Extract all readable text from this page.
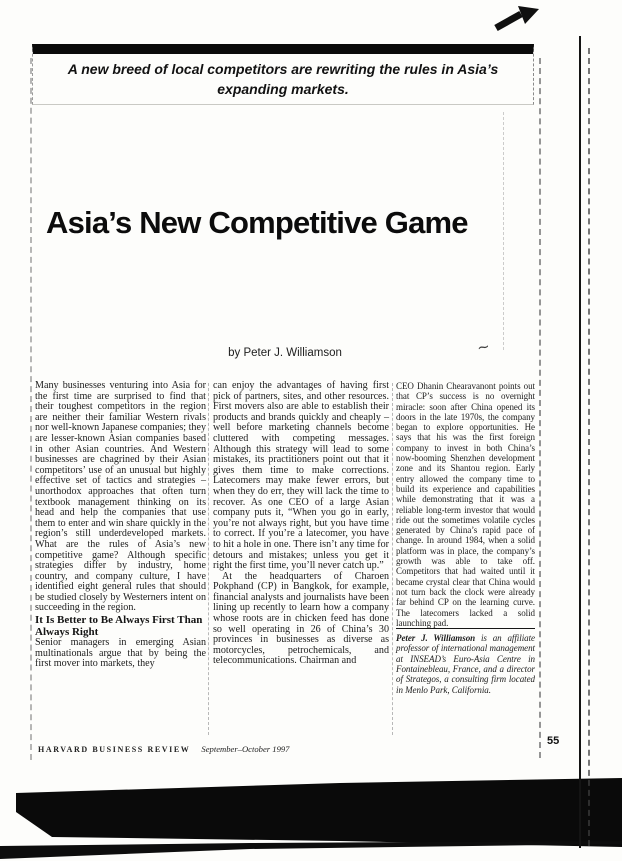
A new breed of local competitors are rewriting the rules in Asia’s expanding markets.
Asia’s New Competitive Game
~
by Peter J. Williamson

Many businesses venturing into Asia for the first time are surprised to find that their toughest competitors in the region are neither their familiar Western rivals nor well-known Japanese companies; they are lesser-known Asian companies based in other Asian countries. And Western businesses are chagrined by their Asian competitors’ use of an unusual but highly effective set of tactics and strategies – unorthodox approaches that often turn textbook management thinking on its head and help the companies that use them to enter and win share quickly in the region’s still underdeveloped markets. What are the rules of Asia’s new competitive game? Although specific strategies differ by industry, home country, and company culture, I have identified eight general rules that should be studied closely by Westerners intent on succeeding in the region.

It Is Better to Be Always First Than Always Right

Senior managers in emerging Asian multinationals argue that by being the first mover into markets, they

can enjoy the advantages of having first pick of partners, sites, and other resources. First movers also are able to establish their products and brands quickly and cheaply – well before marketing channels become cluttered with competing messages. Although this strategy will lead to some mistakes, its practitioners point out that it gives them time to make corrections. Latecomers may make fewer errors, but when they do err, they will lack the time to recover. As one CEO of a large Asian company puts it, “When you go in early, you’re not always right, but you have time to correct. If you’re a latecomer, you have to hit a hole in one. There isn’t any time for detours and mistakes; unless you get it right the first time, you’ll never catch up.”

At the headquarters of Charoen Pokphand (CP) in Bangkok, for example, financial analysts and journalists have been lining up recently to learn how a company whose roots are in chicken feed has done so well operating in 26 of China’s 30 provinces in businesses as diverse as motorcycles, petrochemicals, and telecommunications. Chairman and

CEO Dhanin Chearavanont points out that CP’s success is no overnight miracle: soon after China opened its doors in the late 1970s, the company began to explore opportunities. He says that his was the first foreign company to invest in both China’s now-booming Shenzhen development zone and its Shantou region. Early entry allowed the company time to build its experience and capabilities while demonstrating that it was a reliable long-term investor that would ride out the sometimes volatile cycles generated by China’s rapid pace of change. In around 1984, when a solid platform was in place, the company’s growth was able to take off. Competitors that had waited until it became crystal clear that China would not turn back the clock were already far behind CP on the learning curve. The latecomers lacked a solid launching pad.

Peter J. Williamson is an affiliate professor of international management at INSEAD’s Euro-Asia Centre in Fontainebleau, France, and a director of Strategos, a consulting firm located in Menlo Park, California.

HARVARD BUSINESS REVIEW September–October 1997
55
